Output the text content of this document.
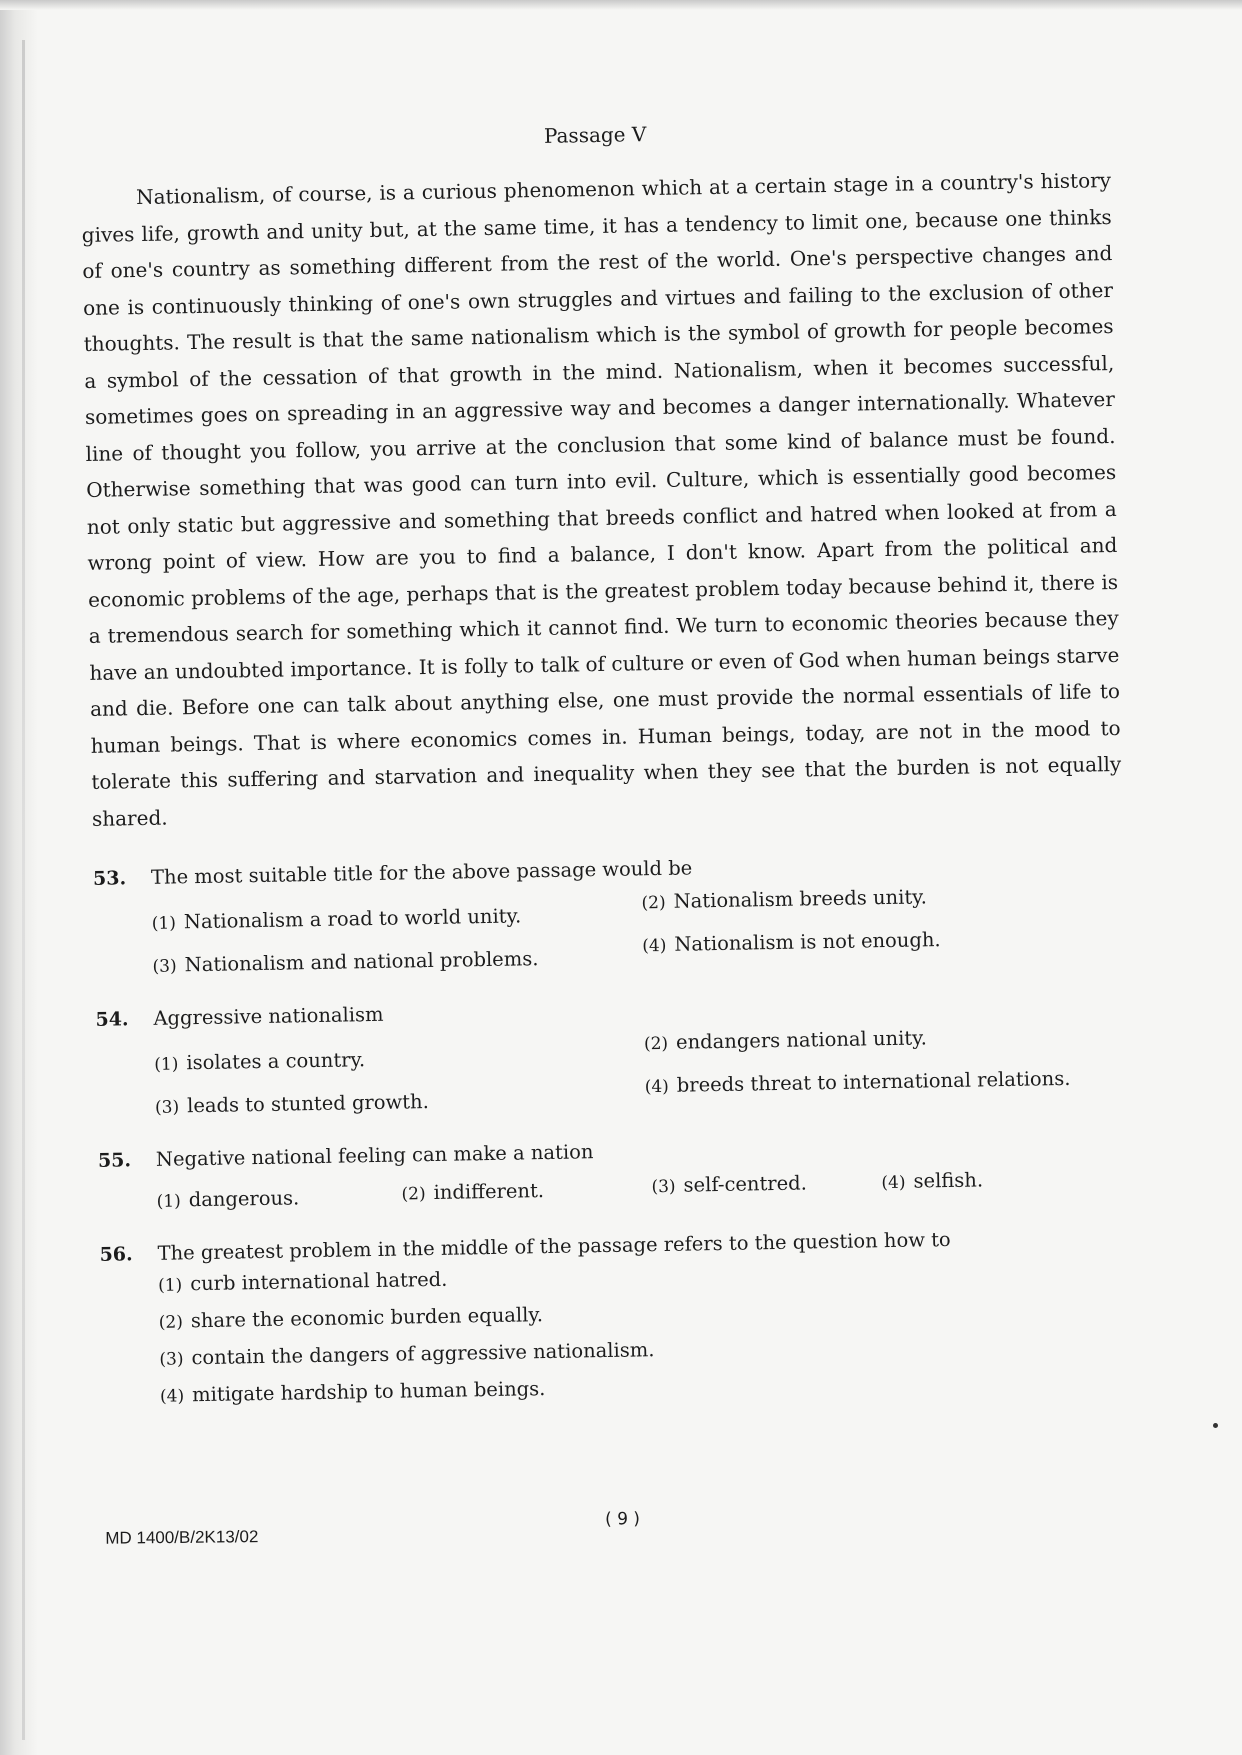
Passage V

Nationalism, of course, is a curious phenomenon which at a certain stage in a country's history gives life, growth and unity but, at the same time, it has a tendency to limit one, because one thinks of one's country as something different from the rest of the world. One's perspective changes and one is continuously thinking of one's own struggles and virtues and failing to the exclusion of other thoughts. The result is that the same nationalism which is the symbol of growth for people becomes a symbol of the cessation of that growth in the mind. Nationalism, when it becomes successful, sometimes goes on spreading in an aggressive way and becomes a danger internationally. Whatever line of thought you follow, you arrive at the conclusion that some kind of balance must be found. Otherwise something that was good can turn into evil. Culture, which is essentially good becomes not only static but aggressive and something that breeds conflict and hatred when looked at from a wrong point of view. How are you to find a balance, I don't know. Apart from the political and economic problems of the age, perhaps that is the greatest problem today because behind it, there is a tremendous search for something which it cannot find. We turn to economic theories because they have an undoubted importance. It is folly to talk of culture or even of God when human beings starve and die. Before one can talk about anything else, one must provide the normal essentials of life to human beings. That is where economics comes in. Human beings, today, are not in the mood to tolerate this suffering and starvation and inequality when they see that the burden is not equally shared.

53.	The most suitable title for the above passage would be
(1) Nationalism a road to world unity.
(2) Nationalism breeds unity.
(3) Nationalism and national problems.
(4) Nationalism is not enough.
54.	Aggressive nationalism
(1) isolates a country.
(2) endangers national unity.
(3) leads to stunted growth.
(4) breeds threat to international relations.
55.	Negative national feeling can make a nation
(1) dangerous.	(2) indifferent.	(3) self-centred.	(4) selfish.
56.	The greatest problem in the middle of the passage refers to the question how to
(1) curb international hatred.
(2) share the economic burden equally.
(3) contain the dangers of aggressive nationalism.
(4) mitigate hardship to human beings.
MD 1400/B/2K13/02
( 9 )
